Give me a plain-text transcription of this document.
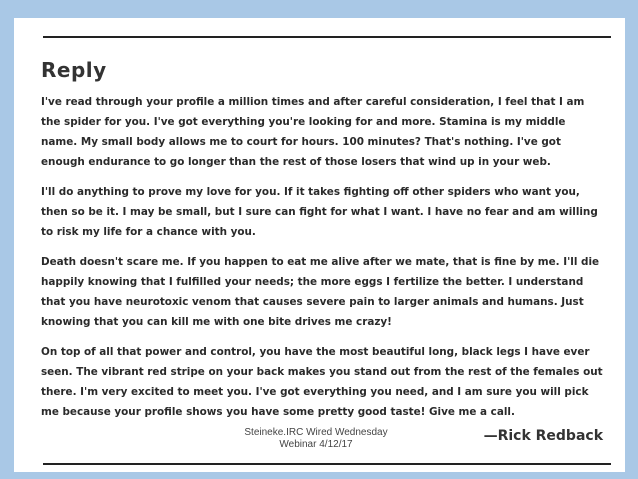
Reply

I've read through your profile a million times and after careful consideration, I feel that I am the spider for you. I've got everything you're looking for and more. Stamina is my middle name. My small body allows me to court for hours. 100 minutes? That's nothing. I've got enough endurance to go longer than the rest of those losers that wind up in your web.

I'll do anything to prove my love for you. If it takes fighting off other spiders who want you, then so be it. I may be small, but I sure can fight for what I want. I have no fear and am willing to risk my life for a chance with you.

Death doesn't scare me. If you happen to eat me alive after we mate, that is fine by me. I'll die happily knowing that I fulfilled your needs; the more eggs I fertilize the better. I understand that you have neurotoxic venom that causes severe pain to larger animals and humans. Just knowing that you can kill me with one bite drives me crazy!

On top of all that power and control, you have the most beautiful long, black legs I have ever seen. The vibrant red stripe on your back makes you stand out from the rest of the females out there. I'm very excited to meet you. I've got everything you need, and I am sure you will pick me because your profile shows you have some pretty good taste! Give me a call.

—Rick Redback
Steineke.IRC Wired Wednesday
Webinar 4/12/17
